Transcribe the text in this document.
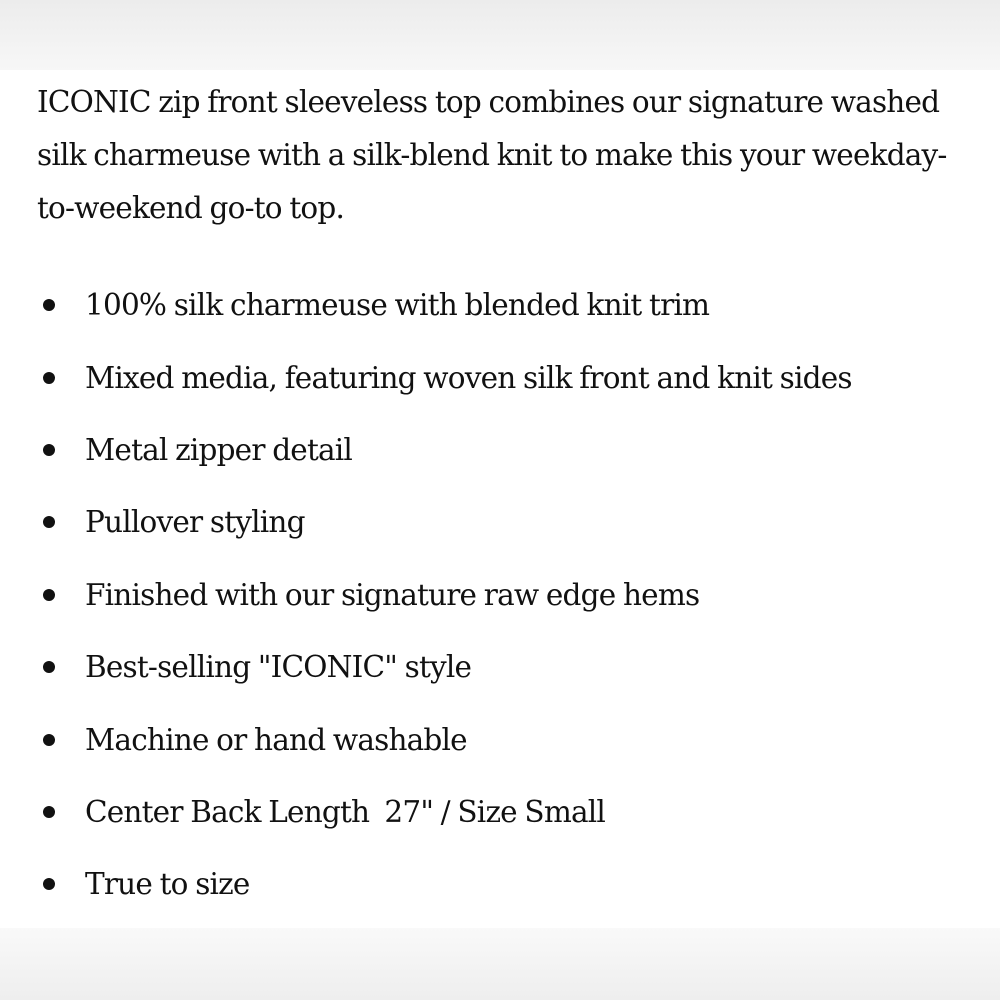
ICONIC zip front sleeveless top combines our signature washed silk charmeuse with a silk-blend knit to make this your weekday-to-weekend go-to top.

100% silk charmeuse with blended knit trim
Mixed media, featuring woven silk front and knit sides
Metal zipper detail
Pullover styling
Finished with our signature raw edge hems
Best-selling "ICONIC" style
Machine or hand washable
Center Back Length  27" / Size Small
True to size
